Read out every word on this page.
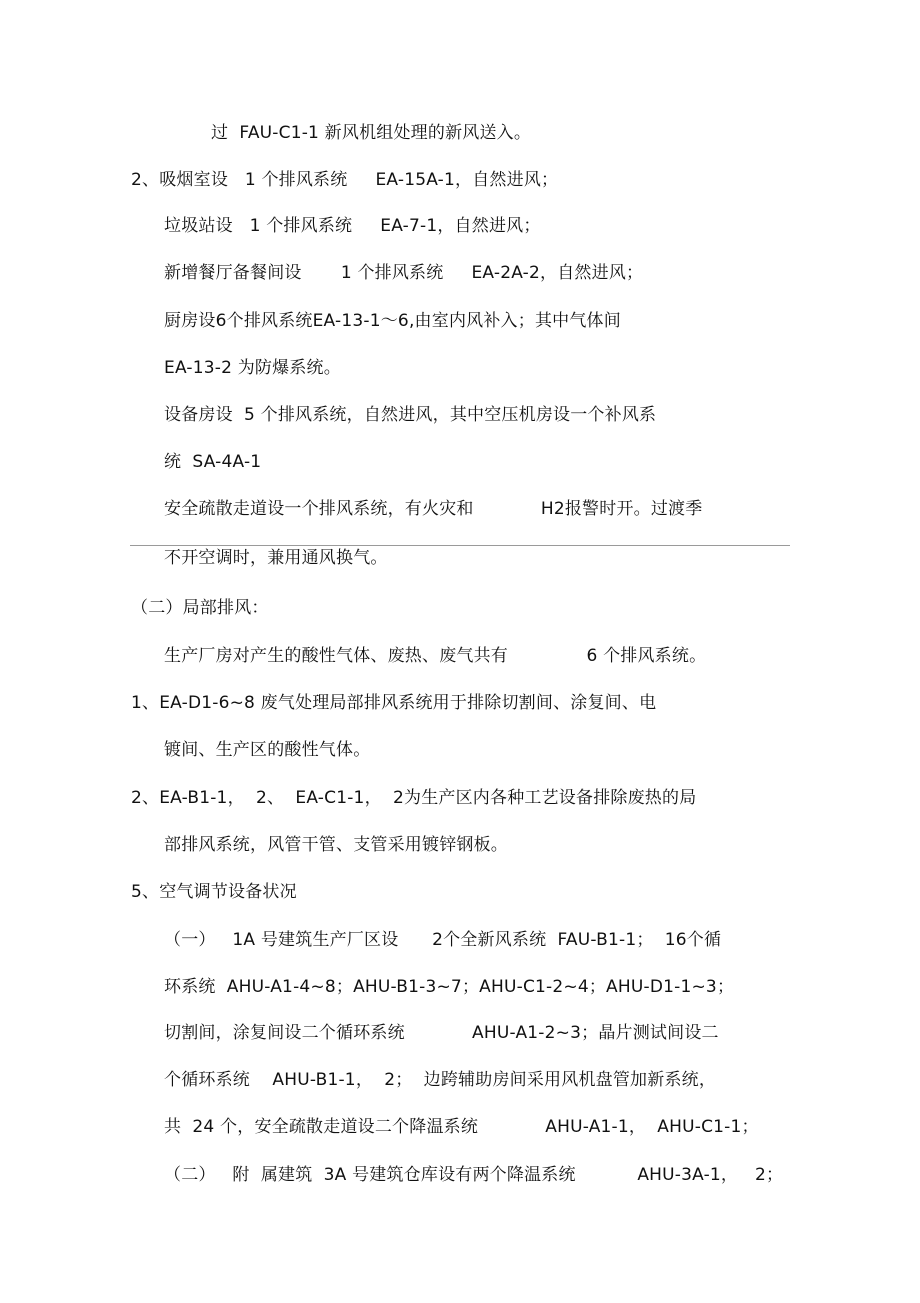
过  FAU-C1-1 新风机组处理的新风送入。
2、吸烟室设   1 个排风系统     EA-15A-1，自然进风；
垃圾站设   1 个排风系统     EA-7-1，自然进风；
新增餐厅备餐间设       1 个排风系统     EA-2A-2，自然进风；
厨房设6个排风系统EA-13-1～6,由室内风补入；其中气体间
EA-13-2 为防爆系统。
设备房设  5 个排风系统，自然进风，其中空压机房设一个补风系
统  SA-4A-1
安全疏散走道设一个排风系统，有火灾和            H2报警时开。过渡季
不开空调时，兼用通风换气。
（二）局部排风：
生产厂房对产生的酸性气体、废热、废气共有              6 个排风系统。
1、EA-D1-6~8 废气处理局部排风系统用于排除切割间、涂复间、电
镀间、生产区的酸性气体。
2、EA-B1-1，  2、  EA-C1-1，  2为生产区内各种工艺设备排除废热的局
部排风系统，风管干管、支管采用镀锌钢板。
5、空气调节设备状况
（一）   1A 号建筑生产厂区设      2个全新风系统  FAU-B1-1；  16个循
环系统  AHU-A1-4~8；AHU-B1-3~7；AHU-C1-2~4；AHU-D1-1~3；
切割间，涂复间设二个循环系统            AHU-A1-2~3；晶片测试间设二
个循环系统    AHU-B1-1，  2；  边跨辅助房间采用风机盘管加新系统，
共  24 个，安全疏散走道设二个降温系统            AHU-A1-1，  AHU-C1-1；
（二）   附  属建筑  3A 号建筑仓库设有两个降温系统           AHU-3A-1，   2；
